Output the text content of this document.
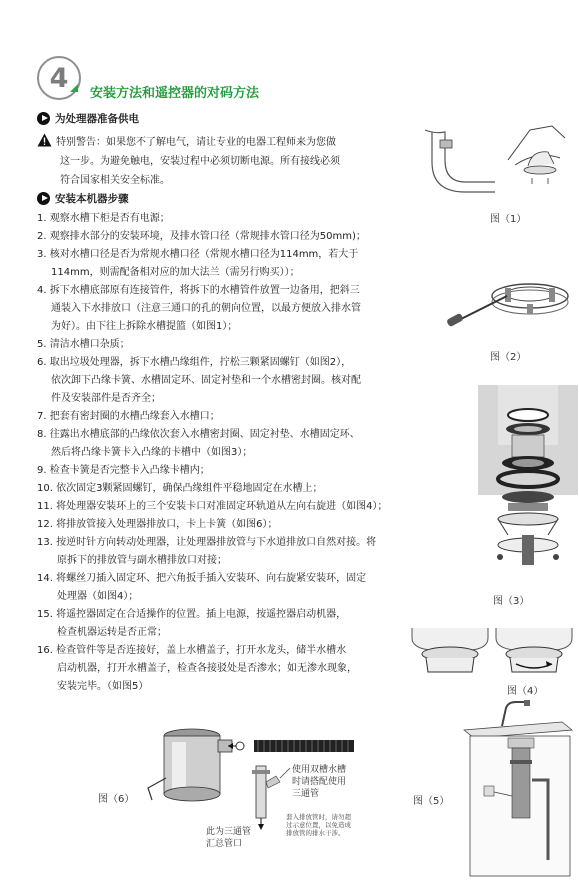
4 安装方法和遥控器的对码方法
为处理器准备供电
特别警告：如果您不了解电气，请让专业的电器工程师来为您做
这一步。为避免触电，安装过程中必须切断电源。所有接线必须
符合国家相关安全标准。
安装本机器步骤
1. 观察水槽下柜是否有电源；
2. 观察排水部分的安装环境，及排水管口径（常规排水管口径为50mm)；
3. 核对水槽口径是否为常规水槽口径（常规水槽口径为114mm，若大于
114mm，则需配备相对应的加大法兰（需另行购买））；
4. 拆下水槽底部原有连接管件，将拆下的水槽管件放置一边备用，把斜三
通装入下水排放口（注意三通口的孔的朝向位置，以最方便放入排水管
为好）。由下往上拆除水槽提篮（如图1）；
5. 清洁水槽口杂质；
6. 取出垃圾处理器，拆下水槽凸缘组件，拧松三颗紧固螺钉（如图2），
依次卸下凸缘卡簧、水槽固定环、固定衬垫和一个水槽密封圈。核对配
件及安装部件是否齐全；
7. 把套有密封圈的水槽凸缘套入水槽口；
8. 往露出水槽底部的凸缘依次套入水槽密封圈、固定衬垫、水槽固定环、
然后将凸缘卡簧卡入凸缘的卡槽中（如图3）；
9. 检查卡簧是否完整卡入凸缘卡槽内；
10. 依次固定3颗紧固螺钉，确保凸缘组件平稳地固定在水槽上；
11. 将处理器安装环上的三个安装卡口对准固定环轨道从左向右旋进（如图4）；
12. 将排放管接入处理器排放口，卡上卡簧（如图6）；
13. 按逆时针方向转动处理器，让处理器排放管与下水道排放口自然对接。将
原拆下的排放管与副水槽排放口对接；
14. 将螺丝刀插入固定环、把六角扳手插入安装环、向右旋紧安装环，固定
处理器（如图4）；
15. 将遥控器固定在合适操作的位置。插上电源，按遥控器启动机器，
检查机器运转是否正常；
16. 检查管件等是否连接好，盖上水槽盖子，打开水龙头，储半水槽水
启动机器，打开水槽盖子，检查各接驳处是否渗水；如无渗水现象，
安装完毕。（如图5）
图（1）
图（2）
图（3）
图（4）
图（5）
图（6）
使用双槽水槽
时请搭配使用
三通管
此为三通管
汇总管口
套入排放管时，请勿超
过示意位置，以免造成
排放管的排水干涉。
